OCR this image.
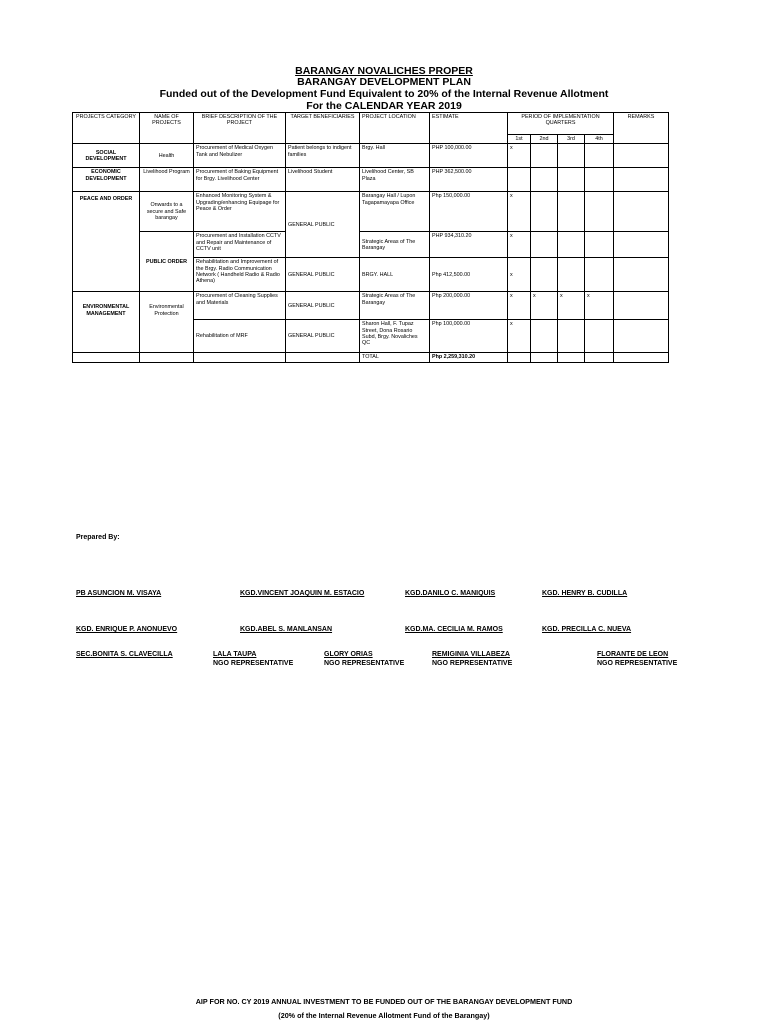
BARANGAY NOVALICHES PROPER
BARANGAY DEVELOPMENT PLAN
Funded out of the Development Fund Equivalent to 20% of the Internal Revenue Allotment
For the CALENDAR YEAR 2019
PROJECTS CATEGORY	NAME OF PROJECTS	BRIEF DESCRIPTION OF THE PROJECT	TARGET BENEFICIARIES	PROJECT LOCATION	ESTIMATE	PERIOD OF IMPLEMENTATION QUARTERS				REMARKS
						1st	2nd	3rd	4th	
SOCIAL DEVELOPMENT	Health	Procurement of Medical Oxygen Tank and Nebulizer	Patient belongs to indigent families	Brgy. Hall	PHP 100,000.00	x				
ECONOMIC DEVELOPMENT	Livelihood Program	Procurement of Baking Equipment for Brgy. Livelihood Center	Livelihood Student	Livelihood Center, SB Plaza	PHP 362,500.00					
PEACE AND ORDER	Onwards to a secure and Safe barangay	Enhanced Monitoring System & Upgrading/enhancing Equipage for Peace & Order	GENERAL PUBLIC	Barangay Hall / Lupon Tagapamayapa Office	Php 150,000.00	x				
	PUBLIC ORDER	Procurement and Installation CCTV and Repair and Maintenance of CCTV unit		Strategic Areas of The Barangay	PHP 934,310.20	x				
		Rehabilitation and Improvement of the Brgy. Radio Communication Network ( Handheld Radio & Radio Athena)	GENERAL PUBLIC	BRGY. HALL	Php 412,500.00	x				
ENVIRONMENTAL MANAGEMENT	Environmental Protection	Procurement of Cleaning Supplies and Materials	GENERAL PUBLIC	Strategic Areas of The Barangay	Php 200,000.00	x	x	x	x	
		Rehabilitation of MRF	GENERAL PUBLIC	Sharon Hall, F. Tupaz Street, Dona Rosario Subd, Brgy. Novaliches QC	Php 100,000.00	x				
				TOTAL	Php 2,259,310.20					
Prepared By:
PB ASUNCION M. VISAYA	KGD.VINCENT JOAQUIN M. ESTACIO	KGD.DANILO C. MANIQUIS	KGD. HENRY B. CUDILLA
KGD. ENRIQUE P. ANONUEVO	KGD.ABEL S. MANLANSAN	KGD.MA. CECILIA M. RAMOS	KGD. PRECILLA C. NUEVA
SEC.BONITA S. CLAVECILLA	LALA TAUPA
NGO REPRESENTATIVE
GLORY ORIAS
NGO REPRESENTATIVE
REMIGINIA VILLABEZA
NGO REPRESENTATIVE
FLORANTE DE LEON
NGO REPRESENTATIVE
AIP FOR NO. CY 2019 ANNUAL INVESTMENT TO BE FUNDED OUT OF THE BARANGAY DEVELOPMENT FUND
(20% of the Internal Revenue Allotment Fund of the Barangay)
